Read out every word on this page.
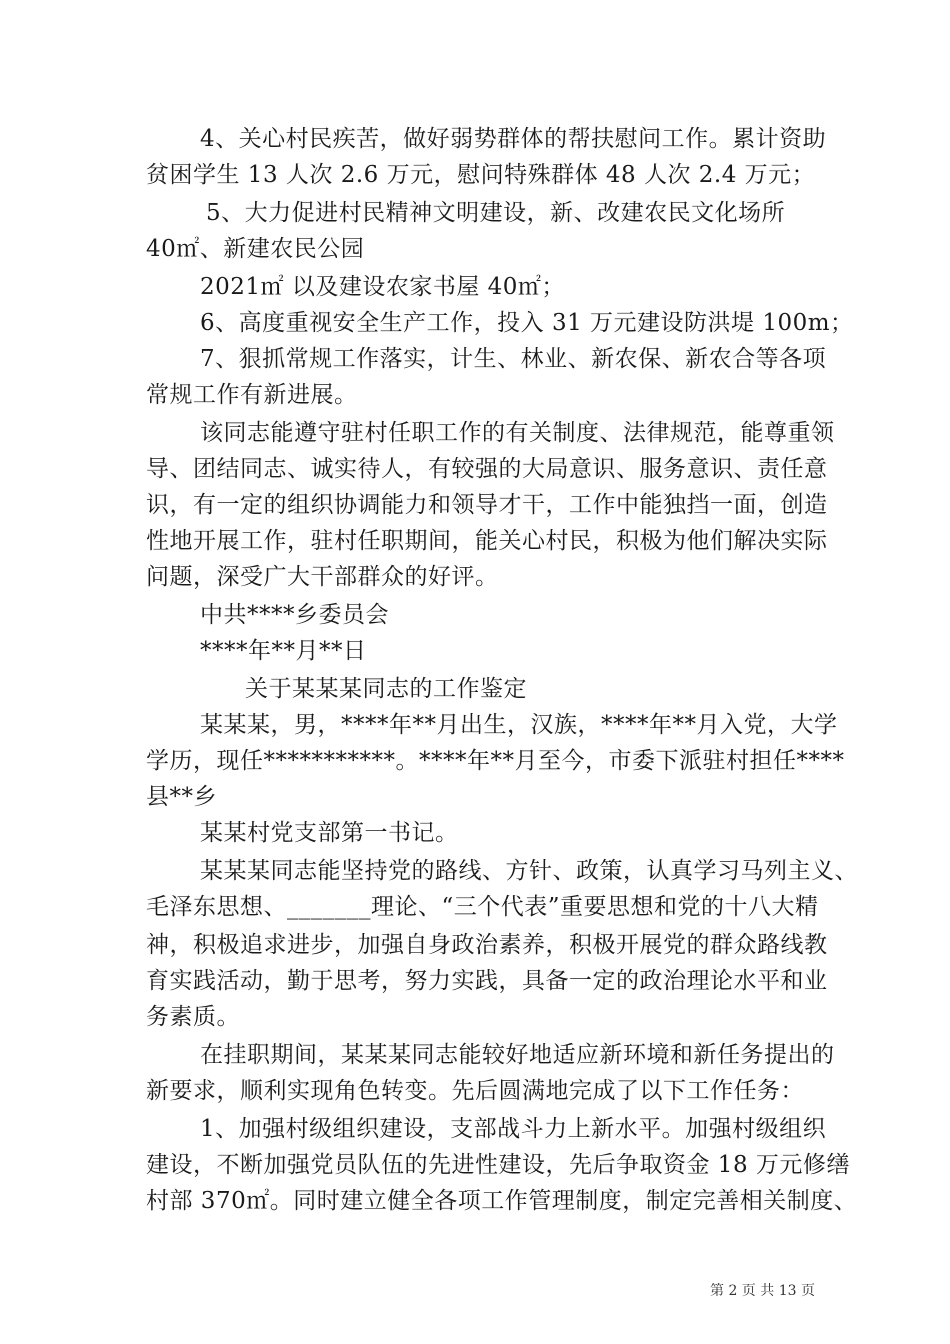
4、关心村民疾苦，做好弱势群体的帮扶慰问工作。累计资助
贫困学生 13 人次 2.6 万元，慰问特殊群体 48 人次 2.4 万元；
5、大力促进村民精神文明建设，新、改建农民文化场所
40㎡、新建农民公园
2021㎡ 以及建设农家书屋 40㎡；
6、高度重视安全生产工作，投入 31 万元建设防洪堤 100m；
7、狠抓常规工作落实，计生、林业、新农保、新农合等各项
常规工作有新进展。
该同志能遵守驻村任职工作的有关制度、法律规范，能尊重领
导、团结同志、诚实待人，有较强的大局意识、服务意识、责任意
识，有一定的组织协调能力和领导才干，工作中能独挡一面，创造
性地开展工作，驻村任职期间，能关心村民，积极为他们解决实际
问题，深受广大干部群众的好评。
中共****乡委员会
****年**月**日
关于某某某同志的工作鉴定
某某某，男，****年**月出生，汉族，****年**月入党，大学
学历，现任***********。****年**月至今，市委下派驻村担任****
县**乡
某某村党支部第一书记。
某某某同志能坚持党的路线、方针、政策，认真学习马列主义、
毛泽东思想、_______理论、“三个代表”重要思想和党的十八大精
神，积极追求进步，加强自身政治素养，积极开展党的群众路线教
育实践活动，勤于思考，努力实践，具备一定的政治理论水平和业
务素质。
在挂职期间，某某某同志能较好地适应新环境和新任务提出的
新要求，顺利实现角色转变。先后圆满地完成了以下工作任务：
1、加强村级组织建设，支部战斗力上新水平。加强村级组织
建设，不断加强党员队伍的先进性建设，先后争取资金 18 万元修缮
村部 370㎡。同时建立健全各项工作管理制度，制定完善相关制度、
第 2 页 共 13 页
